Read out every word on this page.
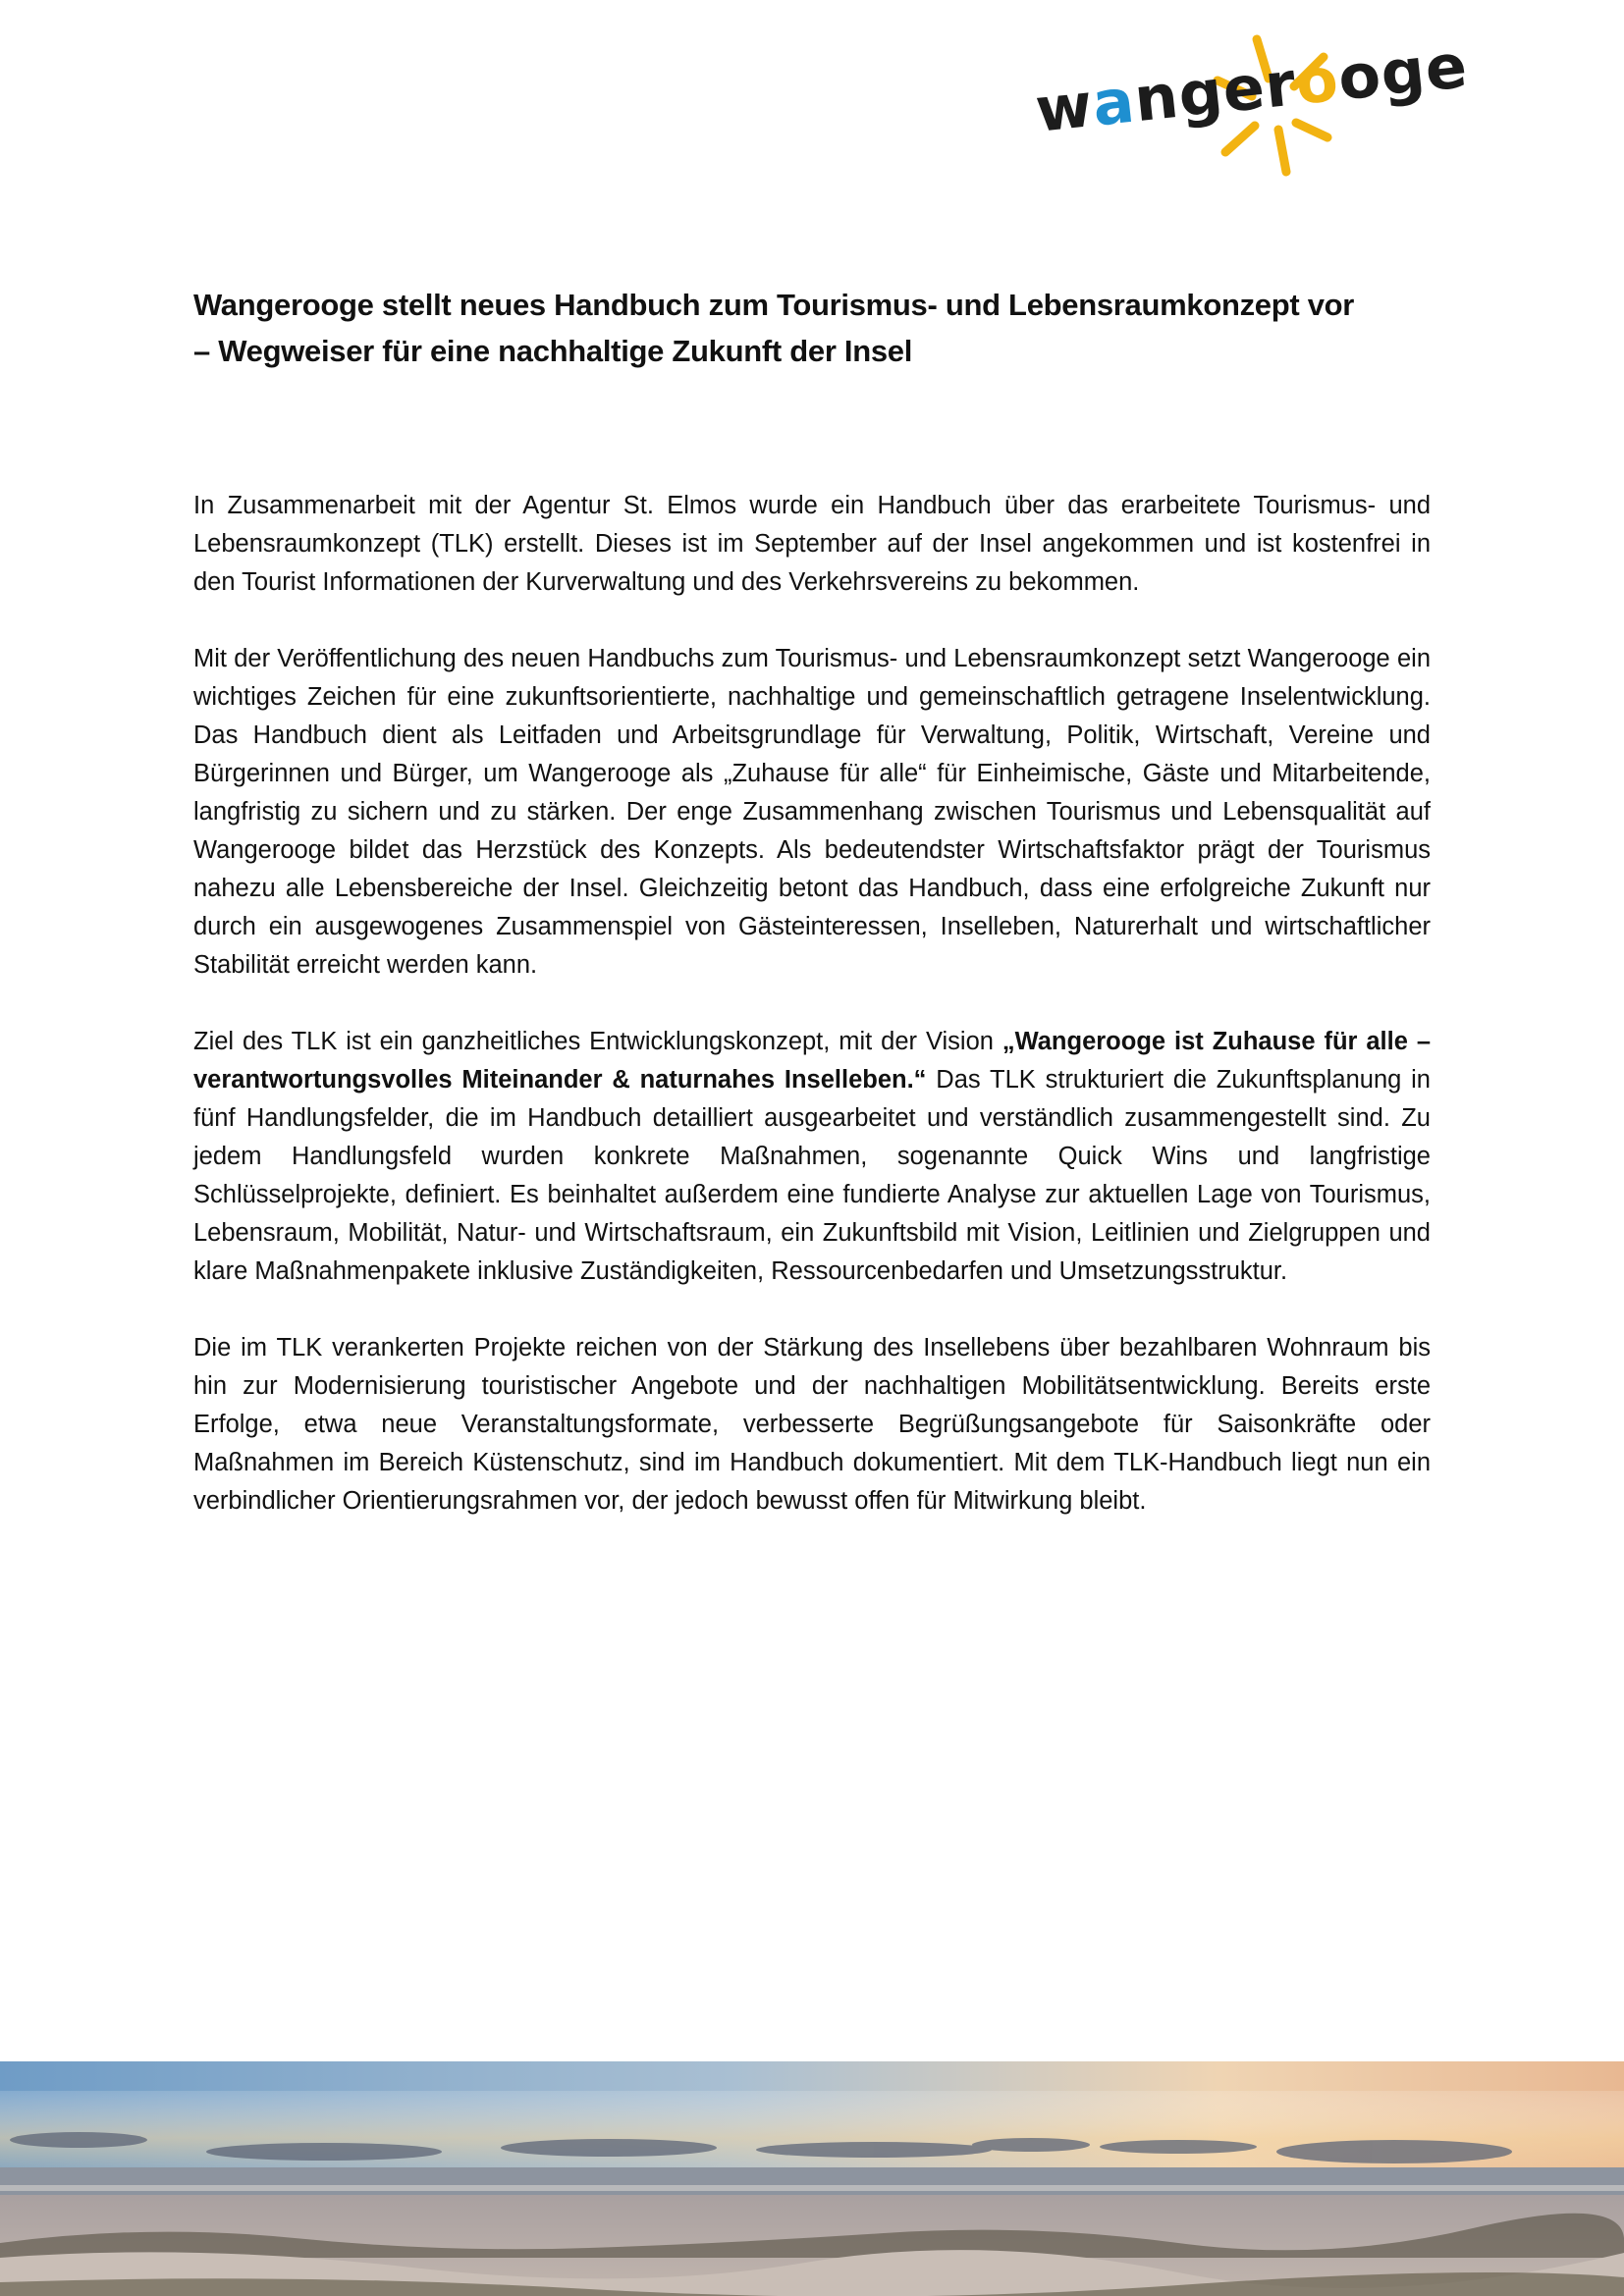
wangerooge
Wangerooge stellt neues Handbuch zum Tourismus- und Lebensraumkonzept vor
– Wegweiser für eine nachhaltige Zukunft der Insel

In Zusammenarbeit mit der Agentur St. Elmos wurde ein Handbuch über das erarbeitete Tourismus- und Lebensraumkonzept (TLK) erstellt. Dieses ist im September auf der Insel angekommen und ist kostenfrei in den Tourist Informationen der Kurverwaltung und des Verkehrsvereins zu bekommen.

Mit der Veröffentlichung des neuen Handbuchs zum Tourismus- und Lebensraumkonzept setzt Wangerooge ein wichtiges Zeichen für eine zukunftsorientierte, nachhaltige und gemeinschaftlich getragene Inselentwicklung. Das Handbuch dient als Leitfaden und Arbeitsgrundlage für Verwaltung, Politik, Wirtschaft, Vereine und Bürgerinnen und Bürger, um Wangerooge als „Zuhause für alle“ für Einheimische, Gäste und Mitarbeitende, langfristig zu sichern und zu stärken. Der enge Zusammenhang zwischen Tourismus und Lebensqualität auf Wangerooge bildet das Herzstück des Konzepts. Als bedeutendster Wirtschaftsfaktor prägt der Tourismus nahezu alle Lebensbereiche der Insel. Gleichzeitig betont das Handbuch, dass eine erfolgreiche Zukunft nur durch ein ausgewogenes Zusammenspiel von Gästeinteressen, Inselleben, Naturerhalt und wirtschaftlicher Stabilität erreicht werden kann.

Ziel des TLK ist ein ganzheitliches Entwicklungskonzept, mit der Vision „Wangerooge ist Zuhause für alle – verantwortungsvolles Miteinander & naturnahes Inselleben.“ Das TLK strukturiert die Zukunftsplanung in fünf Handlungsfelder, die im Handbuch detailliert ausgearbeitet und verständlich zusammengestellt sind. Zu jedem Handlungsfeld wurden konkrete Maßnahmen, sogenannte Quick Wins und langfristige Schlüsselprojekte, definiert. Es beinhaltet außerdem eine fundierte Analyse zur aktuellen Lage von Tourismus, Lebensraum, Mobilität, Natur- und Wirtschaftsraum, ein Zukunftsbild mit Vision, Leitlinien und Zielgruppen und klare Maßnahmenpakete inklusive Zuständigkeiten, Ressourcenbedarfen und Umsetzungsstruktur.

Die im TLK verankerten Projekte reichen von der Stärkung des Insellebens über bezahlbaren Wohnraum bis hin zur Modernisierung touristischer Angebote und der nachhaltigen Mobilitätsentwicklung. Bereits erste Erfolge, etwa neue Veranstaltungsformate, verbesserte Begrüßungsangebote für Saisonkräfte oder Maßnahmen im Bereich Küstenschutz, sind im Handbuch dokumentiert. Mit dem TLK-Handbuch liegt nun ein verbindlicher Orientierungsrahmen vor, der jedoch bewusst offen für Mitwirkung bleibt.
